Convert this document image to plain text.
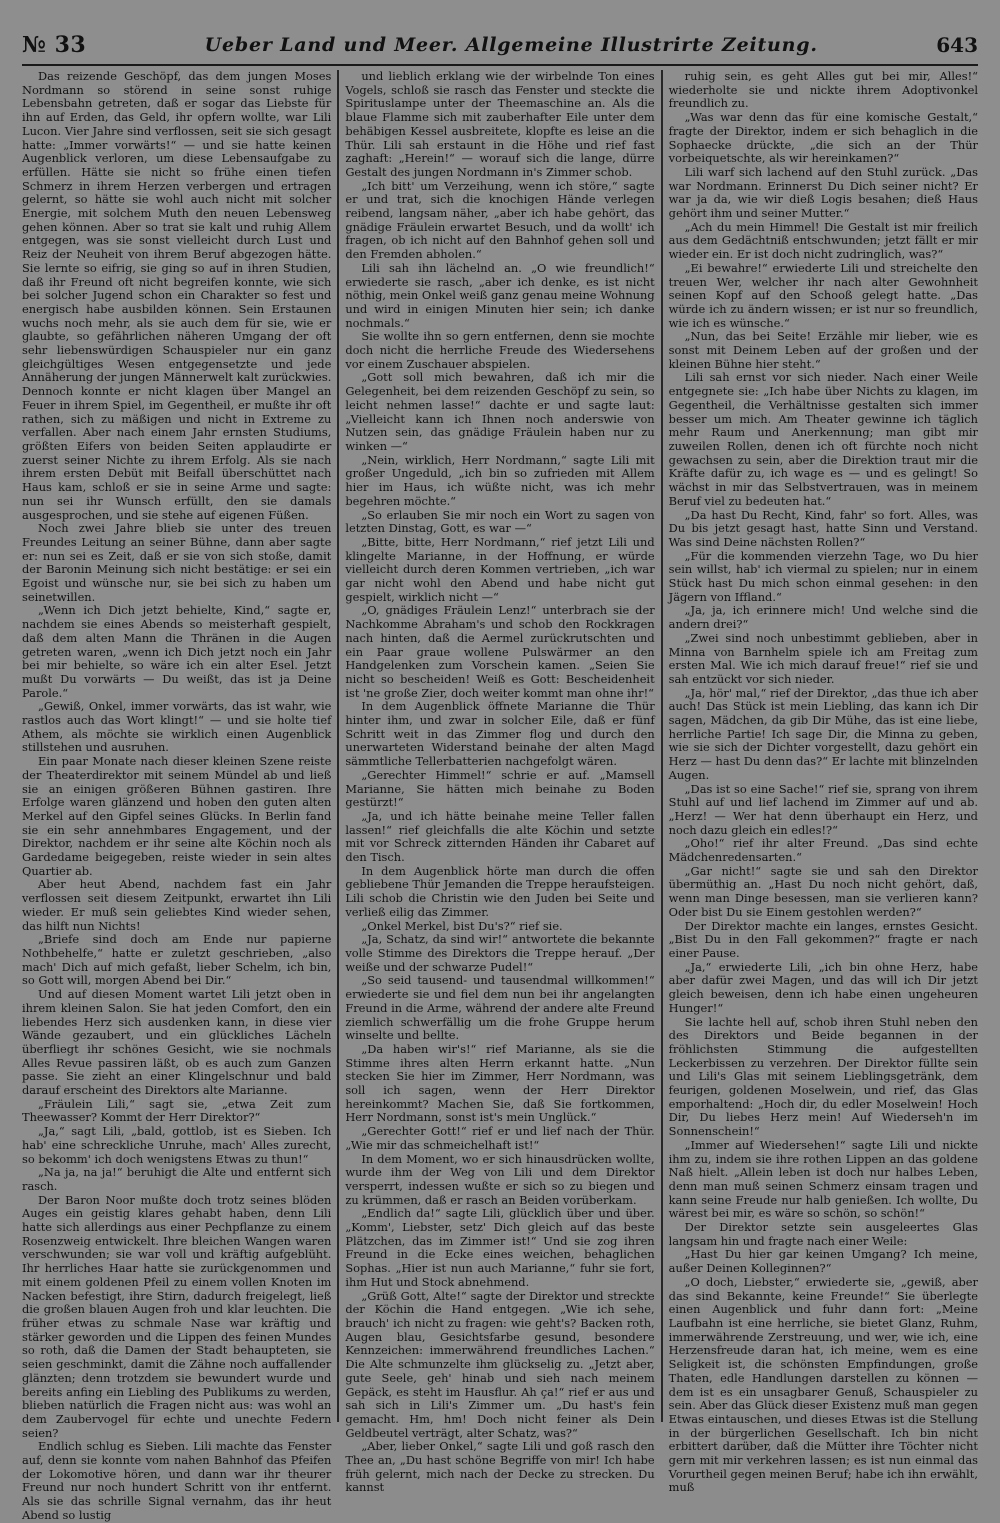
№ 33	Ueber Land und Meer. Allgemeine Illustrirte Zeitung.	643

Das reizende Geschöpf, das dem jungen Moses Nordmann so störend in seine sonst ruhige Lebensbahn getreten, daß er sogar das Liebste für ihn auf Erden, das Geld, ihr opfern wollte, war Lili Lucon. Vier Jahre sind verflossen, seit sie sich gesagt hatte: „Immer vorwärts!“ — und sie hatte keinen Augenblick verloren, um diese Lebensaufgabe zu erfüllen. Hätte sie nicht so frühe einen tiefen Schmerz in ihrem Herzen verbergen und ertragen gelernt, so hätte sie wohl auch nicht mit solcher Energie, mit solchem Muth den neuen Lebensweg gehen können. Aber so trat sie kalt und ruhig Allem entgegen, was sie sonst vielleicht durch Lust und Reiz der Neuheit von ihrem Beruf abgezogen hätte. Sie lernte so eifrig, sie ging so auf in ihren Studien, daß ihr Freund oft nicht begreifen konnte, wie sich bei solcher Jugend schon ein Charakter so fest und energisch habe ausbilden können. Sein Erstaunen wuchs noch mehr, als sie auch dem für sie, wie er glaubte, so gefährlichen näheren Umgang der oft sehr liebenswürdigen Schauspieler nur ein ganz gleichgültiges Wesen entgegensetzte und jede Annäherung der jungen Männerwelt kalt zurückwies. Dennoch konnte er nicht klagen über Mangel an Feuer in ihrem Spiel, im Gegentheil, er mußte ihr oft rathen, sich zu mäßigen und nicht in Extreme zu verfallen. Aber nach einem Jahr ernsten Studiums, größten Eifers von beiden Seiten applaudirte er zuerst seiner Nichte zu ihrem Erfolg. Als sie nach ihrem ersten Debüt mit Beifall überschüttet nach Haus kam, schloß er sie in seine Arme und sagte: nun sei ihr Wunsch erfüllt, den sie damals ausgesprochen, und sie stehe auf eigenen Füßen.

Noch zwei Jahre blieb sie unter des treuen Freundes Leitung an seiner Bühne, dann aber sagte er: nun sei es Zeit, daß er sie von sich stoße, damit der Baronin Meinung sich nicht bestätige: er sei ein Egoist und wünsche nur, sie bei sich zu haben um seinetwillen.

„Wenn ich Dich jetzt behielte, Kind,“ sagte er, nachdem sie eines Abends so meisterhaft gespielt, daß dem alten Mann die Thränen in die Augen getreten waren, „wenn ich Dich jetzt noch ein Jahr bei mir behielte, so wäre ich ein alter Esel. Jetzt mußt Du vorwärts — Du weißt, das ist ja Deine Parole.“

„Gewiß, Onkel, immer vorwärts, das ist wahr, wie rastlos auch das Wort klingt!“ — und sie holte tief Athem, als möchte sie wirklich einen Augenblick stillstehen und ausruhen.

Ein paar Monate nach dieser kleinen Szene reiste der Theaterdirektor mit seinem Mündel ab und ließ sie an einigen größeren Bühnen gastiren. Ihre Erfolge waren glänzend und hoben den guten alten Merkel auf den Gipfel seines Glücks. In Berlin fand sie ein sehr annehmbares Engagement, und der Direktor, nachdem er ihr seine alte Köchin noch als Gardedame beigegeben, reiste wieder in sein altes Quartier ab.

Aber heut Abend, nachdem fast ein Jahr verflossen seit diesem Zeitpunkt, erwartet ihn Lili wieder. Er muß sein geliebtes Kind wieder sehen, das hilft nun Nichts!

„Briefe sind doch am Ende nur papierne Nothbehelfe,“ hatte er zuletzt geschrieben, „also mach' Dich auf mich gefaßt, lieber Schelm, ich bin, so Gott will, morgen Abend bei Dir.“

Und auf diesen Moment wartet Lili jetzt oben in ihrem kleinen Salon. Sie hat jeden Comfort, den ein liebendes Herz sich ausdenken kann, in diese vier Wände gezaubert, und ein glückliches Lächeln überfliegt ihr schönes Gesicht, wie sie nochmals Alles Revue passiren läßt, ob es auch zum Ganzen passe. Sie zieht an einer Klingelschnur und bald darauf erscheint des Direktors alte Marianne.

„Fräulein Lili,“ sagt sie, „etwa Zeit zum Theewasser? Kommt der Herr Direktor?“

„Ja,“ sagt Lili, „bald, gottlob, ist es Sieben. Ich hab' eine schreckliche Unruhe, mach' Alles zurecht, so bekomm' ich doch wenigstens Etwas zu thun!“

„Na ja, na ja!“ beruhigt die Alte und entfernt sich rasch.

Der Baron Noor mußte doch trotz seines blöden Auges ein geistig klares gehabt haben, denn Lili hatte sich allerdings aus einer Pechpflanze zu einem Rosenzweig entwickelt. Ihre bleichen Wangen waren verschwunden; sie war voll und kräftig aufgeblüht. Ihr herrliches Haar hatte sie zurückgenommen und mit einem goldenen Pfeil zu einem vollen Knoten im Nacken befestigt, ihre Stirn, dadurch freigelegt, ließ die großen blauen Augen froh und klar leuchten. Die früher etwas zu schmale Nase war kräftig und stärker geworden und die Lippen des feinen Mundes so roth, daß die Damen der Stadt behaupteten, sie seien geschminkt, damit die Zähne noch auffallender glänzten; denn trotzdem sie bewundert wurde und bereits anfing ein Liebling des Publikums zu werden, blieben natürlich die Fragen nicht aus: was wohl an dem Zaubervogel für echte und unechte Federn seien?

Endlich schlug es Sieben. Lili machte das Fenster auf, denn sie konnte vom nahen Bahnhof das Pfeifen der Lokomotive hören, und dann war ihr theurer Freund nur noch hundert Schritt von ihr entfernt. Als sie das schrille Signal vernahm, das ihr heut Abend so lustig

und lieblich erklang wie der wirbelnde Ton eines Vogels, schloß sie rasch das Fenster und steckte die Spirituslampe unter der Theemaschine an. Als die blaue Flamme sich mit zauberhafter Eile unter dem behäbigen Kessel ausbreitete, klopfte es leise an die Thür. Lili sah erstaunt in die Höhe und rief fast zaghaft: „Herein!“ — worauf sich die lange, dürre Gestalt des jungen Nordmann in's Zimmer schob.

„Ich bitt' um Verzeihung, wenn ich störe,“ sagte er und trat, sich die knochigen Hände verlegen reibend, langsam näher, „aber ich habe gehört, das gnädige Fräulein erwartet Besuch, und da wollt' ich fragen, ob ich nicht auf den Bahnhof gehen soll und den Fremden abholen.“

Lili sah ihn lächelnd an. „O wie freundlich!“ erwiederte sie rasch, „aber ich denke, es ist nicht nöthig, mein Onkel weiß ganz genau meine Wohnung und wird in einigen Minuten hier sein; ich danke nochmals.“

Sie wollte ihn so gern entfernen, denn sie mochte doch nicht die herrliche Freude des Wiedersehens vor einem Zuschauer abspielen.

„Gott soll mich bewahren, daß ich mir die Gelegenheit, bei dem reizenden Geschöpf zu sein, so leicht nehmen lasse!“ dachte er und sagte laut: „Vielleicht kann ich Ihnen noch anderswie von Nutzen sein, das gnädige Fräulein haben nur zu winken —“

„Nein, wirklich, Herr Nordmann,“ sagte Lili mit großer Ungeduld, „ich bin so zufrieden mit Allem hier im Haus, ich wüßte nicht, was ich mehr begehren möchte.“

„So erlauben Sie mir noch ein Wort zu sagen von letzten Dinstag, Gott, es war —“

„Bitte, bitte, Herr Nordmann,“ rief jetzt Lili und klingelte Marianne, in der Hoffnung, er würde vielleicht durch deren Kommen vertrieben, „ich war gar nicht wohl den Abend und habe nicht gut gespielt, wirklich nicht —“

„O, gnädiges Fräulein Lenz!“ unterbrach sie der Nachkomme Abraham's und schob den Rockkragen nach hinten, daß die Aermel zurückrutschten und ein Paar graue wollene Pulswärmer an den Handgelenken zum Vorschein kamen. „Seien Sie nicht so bescheiden! Weiß es Gott: Bescheidenheit ist 'ne große Zier, doch weiter kommt man ohne ihr!“

In dem Augenblick öffnete Marianne die Thür hinter ihm, und zwar in solcher Eile, daß er fünf Schritt weit in das Zimmer flog und durch den unerwarteten Widerstand beinahe der alten Magd sämmtliche Tellerbatterien nachgefolgt wären.

„Gerechter Himmel!“ schrie er auf. „Mamsell Marianne, Sie hätten mich beinahe zu Boden gestürzt!“

„Ja, und ich hätte beinahe meine Teller fallen lassen!“ rief gleichfalls die alte Köchin und setzte mit vor Schreck zitternden Händen ihr Cabaret auf den Tisch.

In dem Augenblick hörte man durch die offen gebliebene Thür Jemanden die Treppe heraufsteigen. Lili schob die Christin wie den Juden bei Seite und verließ eilig das Zimmer.

„Onkel Merkel, bist Du's?“ rief sie.

„Ja, Schatz, da sind wir!“ antwortete die bekannte volle Stimme des Direktors die Treppe herauf. „Der weiße und der schwarze Pudel!“

„So seid tausend- und tausendmal willkommen!“ erwiederte sie und fiel dem nun bei ihr angelangten Freund in die Arme, während der andere alte Freund ziemlich schwerfällig um die frohe Gruppe herum winselte und bellte.

„Da haben wir's!“ rief Marianne, als sie die Stimme ihres alten Herrn erkannt hatte. „Nun stecken Sie hier im Zimmer, Herr Nordmann, was soll ich sagen, wenn der Herr Direktor hereinkommt? Machen Sie, daß Sie fortkommen, Herr Nordmann, sonst ist's mein Unglück.“

„Gerechter Gott!“ rief er und lief nach der Thür. „Wie mir das schmeichelhaft ist!“

In dem Moment, wo er sich hinausdrücken wollte, wurde ihm der Weg von Lili und dem Direktor versperrt, indessen wußte er sich so zu biegen und zu krümmen, daß er rasch an Beiden vorüberkam.

„Endlich da!“ sagte Lili, glücklich über und über. „Komm', Liebster, setz' Dich gleich auf das beste Plätzchen, das im Zimmer ist!“ Und sie zog ihren Freund in die Ecke eines weichen, behaglichen Sophas. „Hier ist nun auch Marianne,“ fuhr sie fort, ihm Hut und Stock abnehmend.

„Grüß Gott, Alte!“ sagte der Direktor und streckte der Köchin die Hand entgegen. „Wie ich sehe, brauch' ich nicht zu fragen: wie geht's? Backen roth, Augen blau, Gesichtsfarbe gesund, besondere Kennzeichen: immerwährend freundliches Lachen.“ Die Alte schmunzelte ihm glückselig zu. „Jetzt aber, gute Seele, geh' hinab und sieh nach meinem Gepäck, es steht im Hausflur. Ah ça!“ rief er aus und sah sich in Lili's Zimmer um. „Du hast's fein gemacht. Hm, hm! Doch nicht feiner als Dein Geldbeutel verträgt, alter Schatz, was?“

„Aber, lieber Onkel,“ sagte Lili und goß rasch den Thee an, „Du hast schöne Begriffe von mir! Ich habe früh gelernt, mich nach der Decke zu strecken. Du kannst

ruhig sein, es geht Alles gut bei mir, Alles!“ wiederholte sie und nickte ihrem Adoptivonkel freundlich zu.

„Was war denn das für eine komische Gestalt,“ fragte der Direktor, indem er sich behaglich in die Sophaecke drückte, „die sich an der Thür vorbeiquetschte, als wir hereinkamen?“

Lili warf sich lachend auf den Stuhl zurück. „Das war Nordmann. Erinnerst Du Dich seiner nicht? Er war ja da, wie wir dieß Logis besahen; dieß Haus gehört ihm und seiner Mutter.“

„Ach du mein Himmel! Die Gestalt ist mir freilich aus dem Gedächtniß entschwunden; jetzt fällt er mir wieder ein. Er ist doch nicht zudringlich, was?“

„Ei bewahre!“ erwiederte Lili und streichelte den treuen Wer, welcher ihr nach alter Gewohnheit seinen Kopf auf den Schooß gelegt hatte. „Das würde ich zu ändern wissen; er ist nur so freundlich, wie ich es wünsche.“

„Nun, das bei Seite! Erzähle mir lieber, wie es sonst mit Deinem Leben auf der großen und der kleinen Bühne hier steht.“

Lili sah ernst vor sich nieder. Nach einer Weile entgegnete sie: „Ich habe über Nichts zu klagen, im Gegentheil, die Verhältnisse gestalten sich immer besser um mich. Am Theater gewinne ich täglich mehr Raum und Anerkennung; man gibt mir zuweilen Rollen, denen ich oft fürchte noch nicht gewachsen zu sein, aber die Direktion traut mir die Kräfte dafür zu, ich wage es — und es gelingt! So wächst in mir das Selbstvertrauen, was in meinem Beruf viel zu bedeuten hat.“

„Da hast Du Recht, Kind, fahr' so fort. Alles, was Du bis jetzt gesagt hast, hatte Sinn und Verstand. Was sind Deine nächsten Rollen?“

„Für die kommenden vierzehn Tage, wo Du hier sein willst, hab' ich viermal zu spielen; nur in einem Stück hast Du mich schon einmal gesehen: in den Jägern von Iffland.“

„Ja, ja, ich erinnere mich! Und welche sind die andern drei?“

„Zwei sind noch unbestimmt geblieben, aber in Minna von Barnhelm spiele ich am Freitag zum ersten Mal. Wie ich mich darauf freue!“ rief sie und sah entzückt vor sich nieder.

„Ja, hör' mal,“ rief der Direktor, „das thue ich aber auch! Das Stück ist mein Liebling, das kann ich Dir sagen, Mädchen, da gib Dir Mühe, das ist eine liebe, herrliche Partie! Ich sage Dir, die Minna zu geben, wie sie sich der Dichter vorgestellt, dazu gehört ein Herz — hast Du denn das?“ Er lachte mit blinzelnden Augen.

„Das ist so eine Sache!“ rief sie, sprang von ihrem Stuhl auf und lief lachend im Zimmer auf und ab. „Herz! — Wer hat denn überhaupt ein Herz, und noch dazu gleich ein edles!?“

„Oho!“ rief ihr alter Freund. „Das sind echte Mädchenredensarten.“

„Gar nicht!“ sagte sie und sah den Direktor übermüthig an. „Hast Du noch nicht gehört, daß, wenn man Dinge besessen, man sie verlieren kann? Oder bist Du sie Einem gestohlen werden?“

Der Direktor machte ein langes, ernstes Gesicht. „Bist Du in den Fall gekommen?“ fragte er nach einer Pause.

„Ja,“ erwiederte Lili, „ich bin ohne Herz, habe aber dafür zwei Magen, und das will ich Dir jetzt gleich beweisen, denn ich habe einen ungeheuren Hunger!“

Sie lachte hell auf, schob ihren Stuhl neben den des Direktors und Beide begannen in der fröhlichsten Stimmung die aufgestellten Leckerbissen zu verzehren. Der Direktor füllte sein und Lili's Glas mit seinem Lieblingsgetränk, dem feurigen, goldenen Moselwein, und rief, das Glas emporhaltend: „Hoch dir, du edler Moselwein! Hoch Dir, Du liebes Herz mein! Auf Wiederseh'n im Sonnenschein!“

„Immer auf Wiedersehen!“ sagte Lili und nickte ihm zu, indem sie ihre rothen Lippen an das goldene Naß hielt. „Allein leben ist doch nur halbes Leben, denn man muß seinen Schmerz einsam tragen und kann seine Freude nur halb genießen. Ich wollte, Du wärest bei mir, es wäre so schön, so schön!“

Der Direktor setzte sein ausgeleertes Glas langsam hin und fragte nach einer Weile:

„Hast Du hier gar keinen Umgang? Ich meine, außer Deinen Kolleginnen?“

„O doch, Liebster,“ erwiederte sie, „gewiß, aber das sind Bekannte, keine Freunde!“ Sie überlegte einen Augenblick und fuhr dann fort: „Meine Laufbahn ist eine herrliche, sie bietet Glanz, Ruhm, immerwährende Zerstreuung, und wer, wie ich, eine Herzensfreude daran hat, ich meine, wem es eine Seligkeit ist, die schönsten Empfindungen, große Thaten, edle Handlungen darstellen zu können — dem ist es ein unsagbarer Genuß, Schauspieler zu sein. Aber das Glück dieser Existenz muß man gegen Etwas eintauschen, und dieses Etwas ist die Stellung in der bürgerlichen Gesellschaft. Ich bin nicht erbittert darüber, daß die Mütter ihre Töchter nicht gern mit mir verkehren lassen; es ist nun einmal das Vorurtheil gegen meinen Beruf; habe ich ihn erwählt, muß
